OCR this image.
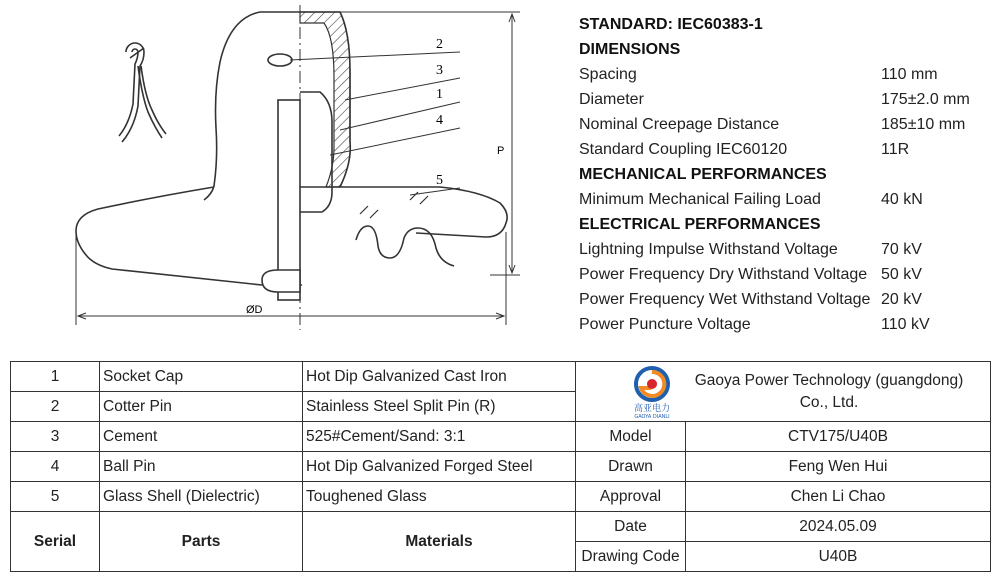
P
ØD
2
3
1
4
5
STANDARD: IEC60383-1
DIMENSIONS
Spacing	110 mm
Diameter	175±2.0 mm
Nominal Creepage Distance	185±10 mm
Standard Coupling IEC60120	11R
MECHANICAL PERFORMANCES
Minimum Mechanical Failing Load	40 kN
ELECTRICAL PERFORMANCES
Lightning Impulse Withstand Voltage	70 kV
Power Frequency Dry Withstand Voltage 50 kV
Power Frequency Wet Withstand Voltage 20 kV
Power Puncture Voltage	110 kV
1	Socket Cap	Hot Dip Galvanized Cast Iron	高亚电力
GAOYA DIANLI
Gaoya Power Technology (guangdong)
Co., Ltd.	

2	Cotter Pin	Stainless Steel Split Pin (R)		
3	Cement	525#Cement/Sand: 3:1	Model	CTV175/U40B
4	Ball Pin	Hot Dip Galvanized Forged Steel	Drawn	Feng Wen Hui
5	Glass Shell (Dielectric)	Toughened Glass	Approval	Chen Li Chao
Serial	Parts	Materials	Date	2024.05.09
			Drawing Code	U40B
